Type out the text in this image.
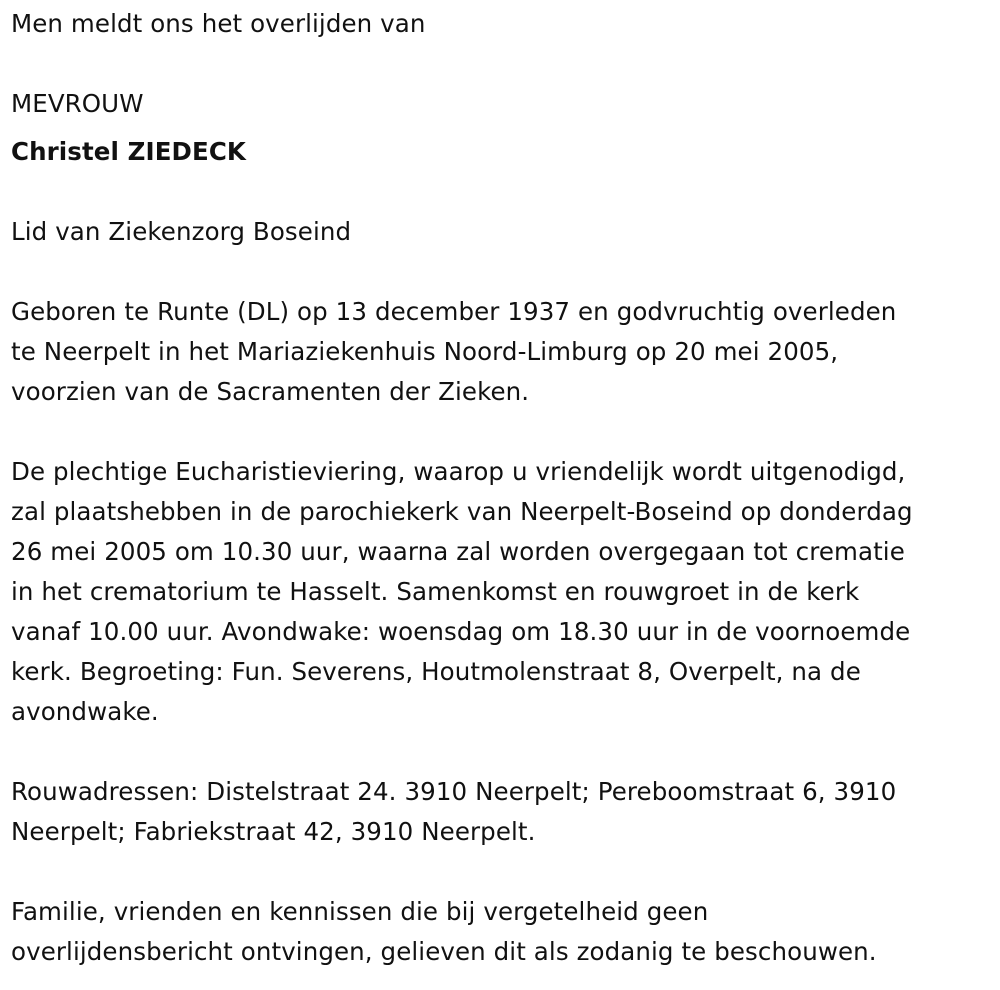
Men meldt ons het overlijden van

MEVROUW

Christel ZIEDECK

Lid van Ziekenzorg Boseind

Geboren te Runte (DL) op 13 december 1937 en godvruchtig overleden

te Neerpelt in het Mariaziekenhuis Noord-Limburg op 20 mei 2005,

voorzien van de Sacramenten der Zieken.

De plechtige Eucharistieviering, waarop u vriendelijk wordt uitgenodigd,

zal plaatshebben in de parochiekerk van Neerpelt-Boseind op donderdag

26 mei 2005 om 10.30 uur, waarna zal worden overgegaan tot crematie

in het crematorium te Hasselt. Samenkomst en rouwgroet in de kerk

vanaf 10.00 uur. Avondwake: woensdag om 18.30 uur in de voornoemde

kerk. Begroeting: Fun. Severens, Houtmolenstraat 8, Overpelt, na de

avondwake.

Rouwadressen: Distelstraat 24. 3910 Neerpelt; Pereboomstraat 6, 3910

Neerpelt; Fabriekstraat 42, 3910 Neerpelt.

Familie, vrienden en kennissen die bij vergetelheid geen

overlijdensbericht ontvingen, gelieven dit als zodanig te beschouwen.
